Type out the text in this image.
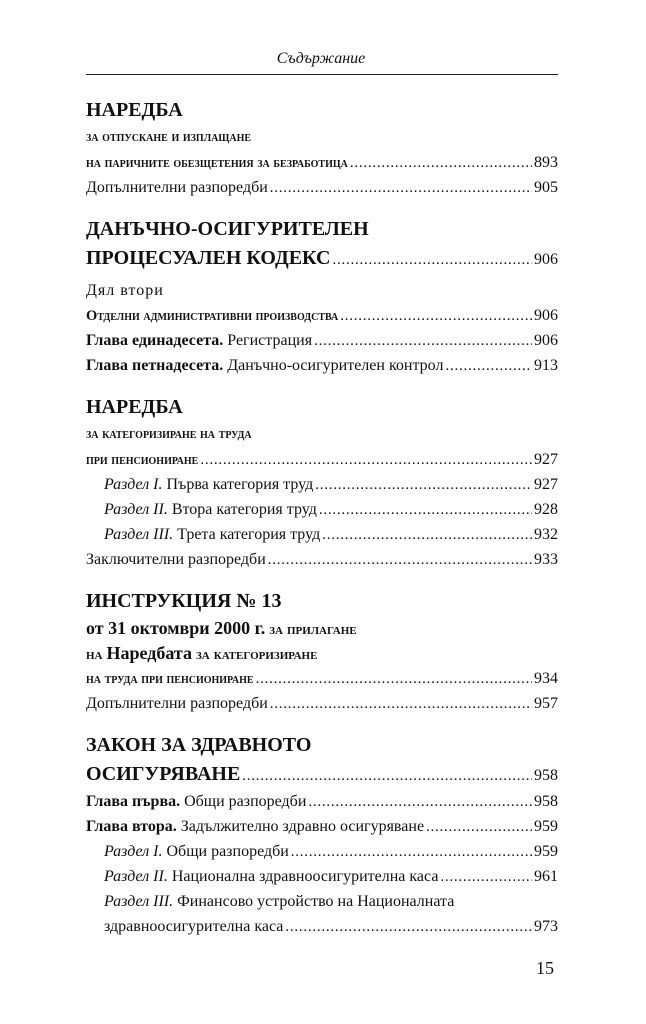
Съдържание
НАРЕДБА
за отпускане и изплащане
на паричните обезщетения за безработица . . .	893
Допълнителни разпоредби . . .	905
ДАНЪЧНО-ОСИГУРИТЕЛЕН
ПРОЦЕСУАЛЕН КОДЕКС . . .	906
Дял втори
Отделни административни производства . . .	906
Глава единадесета. Регистрация . . .	906
Глава петнадесета. Данъчно-осигурителен контрол . . .	913
НАРЕДБА
за категоризиране на труда
при пенсиониране . . .	927
Раздел I. Първа категория труд . . .	927
Раздел II. Втора категория труд . . .	928
Раздел III. Трета категория труд . . .	932
Заключителни разпоредби . . .	933
ИНСТРУКЦИЯ № 13
от 31 октомври 2000 г. за прилагане
на Наредбата за категоризиране
на труда при пенсиониране . . .	934
Допълнителни разпоредби . . .	957
ЗАКОН ЗА ЗДРАВНОТО
ОСИГУРЯВАНЕ . . .	958
Глава първа. Общи разпоредби . . .	958
Глава втора. Задължително здравно осигуряване . . .	959
Раздел I. Общи разпоредби . . .	959
Раздел II. Национална здравноосигурителна каса . . .	961
Раздел III. Финансово устройство на Националната
здравноосигурителна каса . . .	973
15
